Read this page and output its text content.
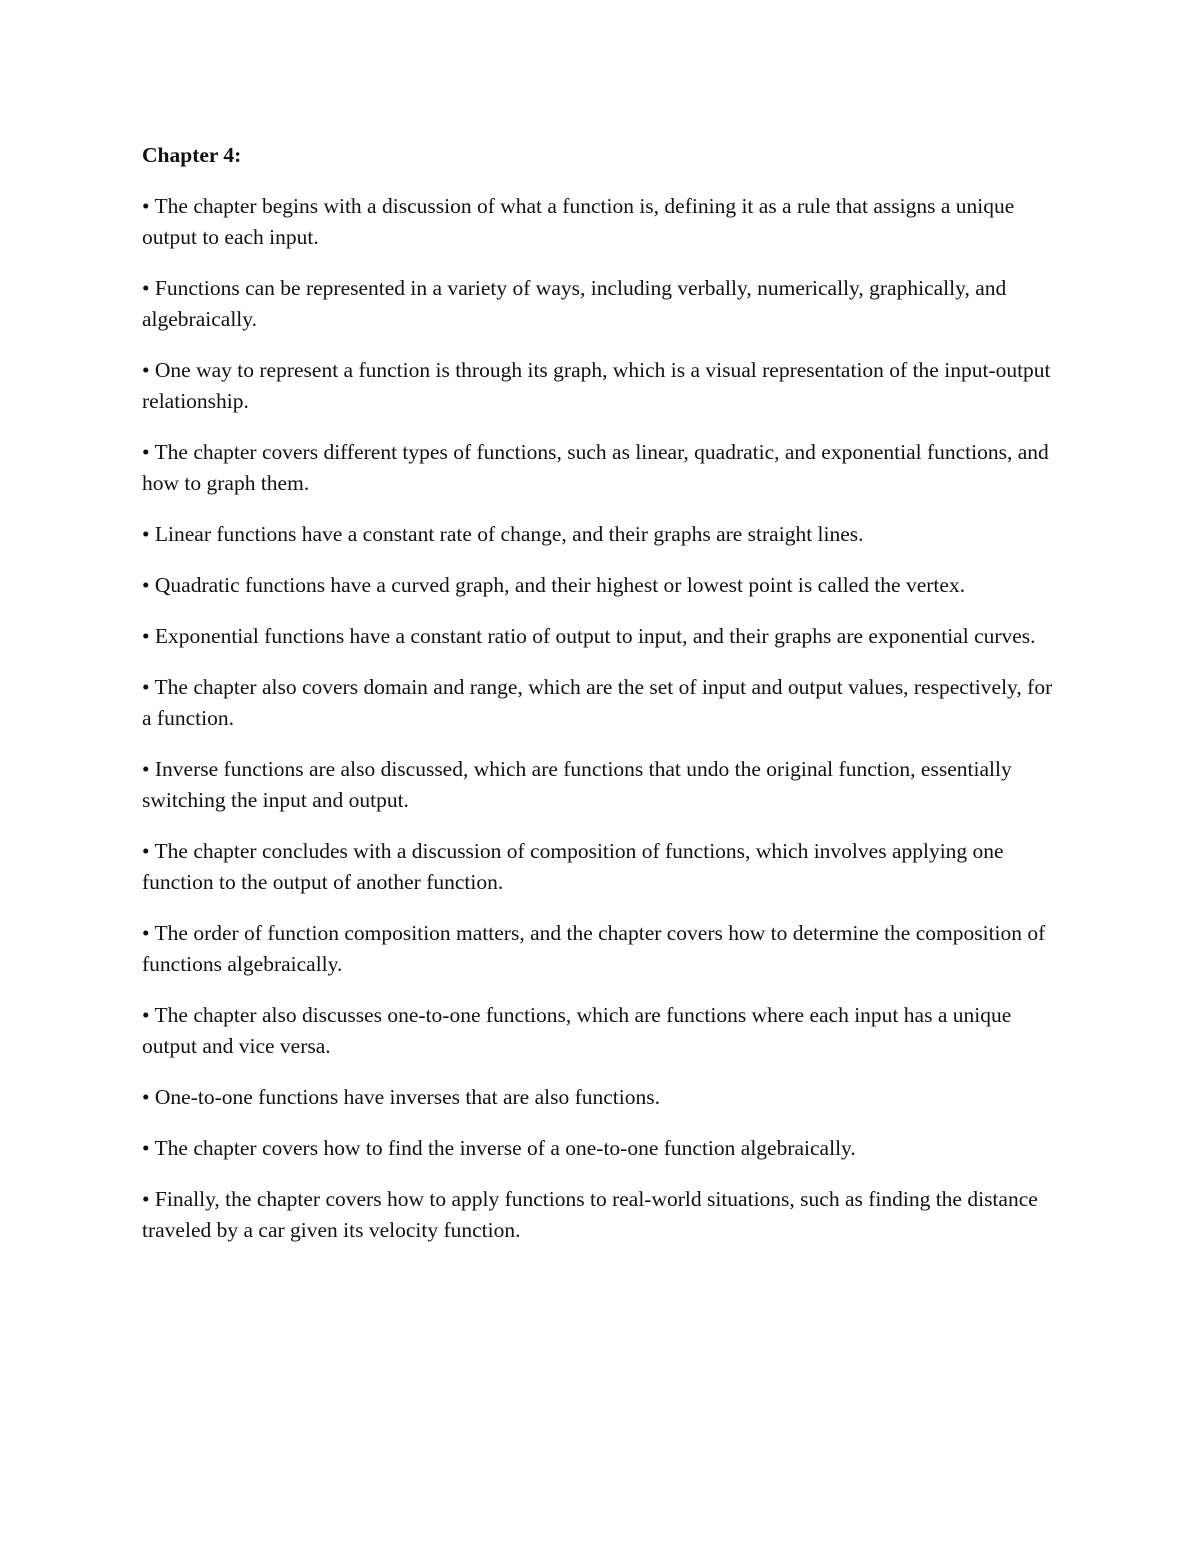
Chapter 4:

• The chapter begins with a discussion of what a function is, defining it as a rule that assigns a unique output to each input.

• Functions can be represented in a variety of ways, including verbally, numerically, graphically, and algebraically.

• One way to represent a function is through its graph, which is a visual representation of the input-output relationship.

• The chapter covers different types of functions, such as linear, quadratic, and exponential functions, and how to graph them.

• Linear functions have a constant rate of change, and their graphs are straight lines.

• Quadratic functions have a curved graph, and their highest or lowest point is called the vertex.

• Exponential functions have a constant ratio of output to input, and their graphs are exponential curves.

• The chapter also covers domain and range, which are the set of input and output values, respectively, for a function.

• Inverse functions are also discussed, which are functions that undo the original function, essentially switching the input and output.

• The chapter concludes with a discussion of composition of functions, which involves applying one function to the output of another function.

• The order of function composition matters, and the chapter covers how to determine the composition of functions algebraically.

• The chapter also discusses one-to-one functions, which are functions where each input has a unique output and vice versa.

• One-to-one functions have inverses that are also functions.

• The chapter covers how to find the inverse of a one-to-one function algebraically.

• Finally, the chapter covers how to apply functions to real-world situations, such as finding the distance traveled by a car given its velocity function.
